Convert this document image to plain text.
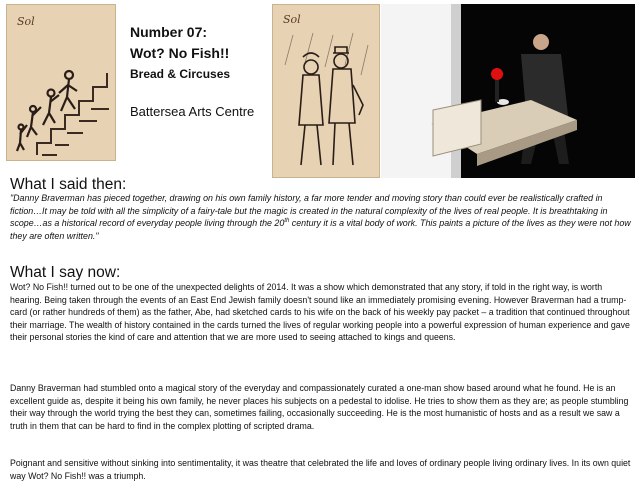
Sol
Number 07:
Wot? No Fish!!
Bread & Circuses
Battersea Arts Centre
Sol
What I said then:
"Danny Braverman has pieced together, drawing on his own family history, a far more tender and moving story than could ever be realistically crafted in fiction…It may be told with all the simplicity of a fairy-tale but the magic is created in the natural complexity of the lives of real people. It is breathtaking in scope…as a historical record of everyday people living through the 20th century it is a vital body of work. This paints a picture of the lives as they were not how they are often written."
What I say now:
Wot? No Fish!! turned out to be one of the unexpected delights of 2014. It was a show which demonstrated that any story, if told in the right way, is worth hearing. Being taken through the events of an East End Jewish family doesn't sound like an immediately promising evening. However Braverman had a trump-card (or rather hundreds of them) as the father, Abe, had sketched cards to his wife on the back of his weekly pay packet – a tradition that continued throughout their marriage. The wealth of history contained in the cards turned the lives of regular working people into a powerful expression of human experience and gave their personal stories the kind of care and attention that we are more used to seeing attached to kings and queens.
Danny Braverman had stumbled onto a magical story of the everyday and compassionately curated a one-man show based around what he found. He is an excellent guide as, despite it being his own family, he never places his subjects on a pedestal to idolise. He tries to show them as they are; as people stumbling their way through the world trying the best they can, sometimes failing, occasionally succeeding. He is the most humanistic of hosts and as a result we saw a truth in them that can be hard to find in the complex plotting of scripted drama.
Poignant and sensitive without sinking into sentimentality, it was theatre that celebrated the life and loves of ordinary people living ordinary lives. In its own quiet way Wot? No Fish!! was a triumph.
